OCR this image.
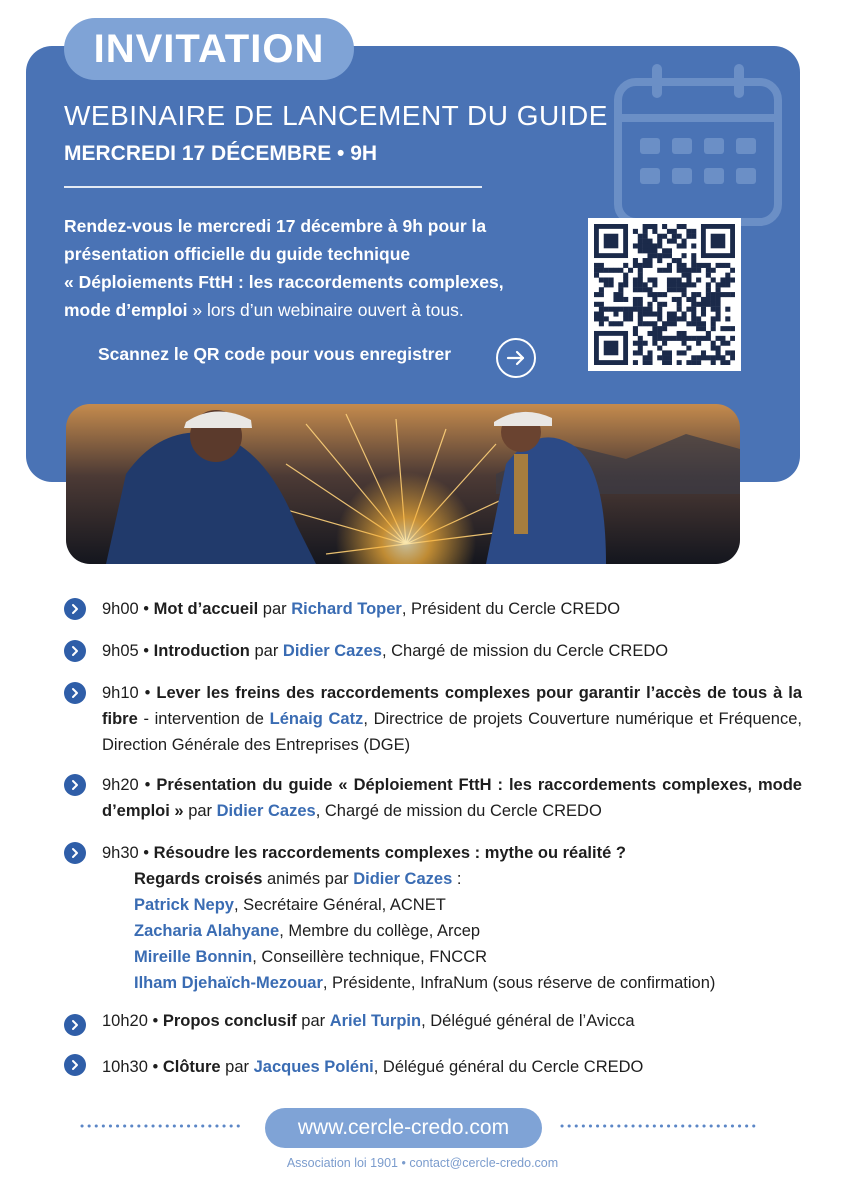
INVITATION
WEBINAIRE DE LANCEMENT DU GUIDE
MERCREDI 17 DÉCEMBRE • 9H
Rendez-vous le mercredi 17 décembre à 9h pour la
présentation officielle du guide technique
« Déploiements FttH : les raccordements complexes,
mode d’emploi » lors d’un webinaire ouvert à tous.
Scannez le QR code pour vous enregistrer
9h00 • Mot d’accueil par Richard Toper, Président du Cercle CREDO
9h05 • Introduction par Didier Cazes, Chargé de mission du Cercle CREDO
9h10 • Lever les freins des raccordements complexes pour garantir l’accès de tous à la fibre - intervention de Lénaig Catz, Directrice de projets Couverture numérique et Fréquence, Direction Générale des Entreprises (DGE)
9h20 • Présentation du guide « Déploiement FttH : les raccordements complexes, mode d’emploi » par Didier Cazes, Chargé de mission du Cercle CREDO
9h30 • Résoudre les raccordements complexes : mythe ou réalité ?
Regards croisés animés par Didier Cazes :
Patrick Nepy, Secrétaire Général, ACNET
Zacharia Alahyane, Membre du collège, Arcep
Mireille Bonnin, Conseillère technique, FNCCR
Ilham Djehaïch-Mezouar, Présidente, InfraNum (sous réserve de confirmation)
10h20 • Propos conclusif par Ariel Turpin, Délégué général de l’Avicca
10h30 • Clôture par Jacques Poléni, Délégué général du Cercle CREDO
www.cercle-credo.com
Association loi 1901 • contact@cercle-credo.com
